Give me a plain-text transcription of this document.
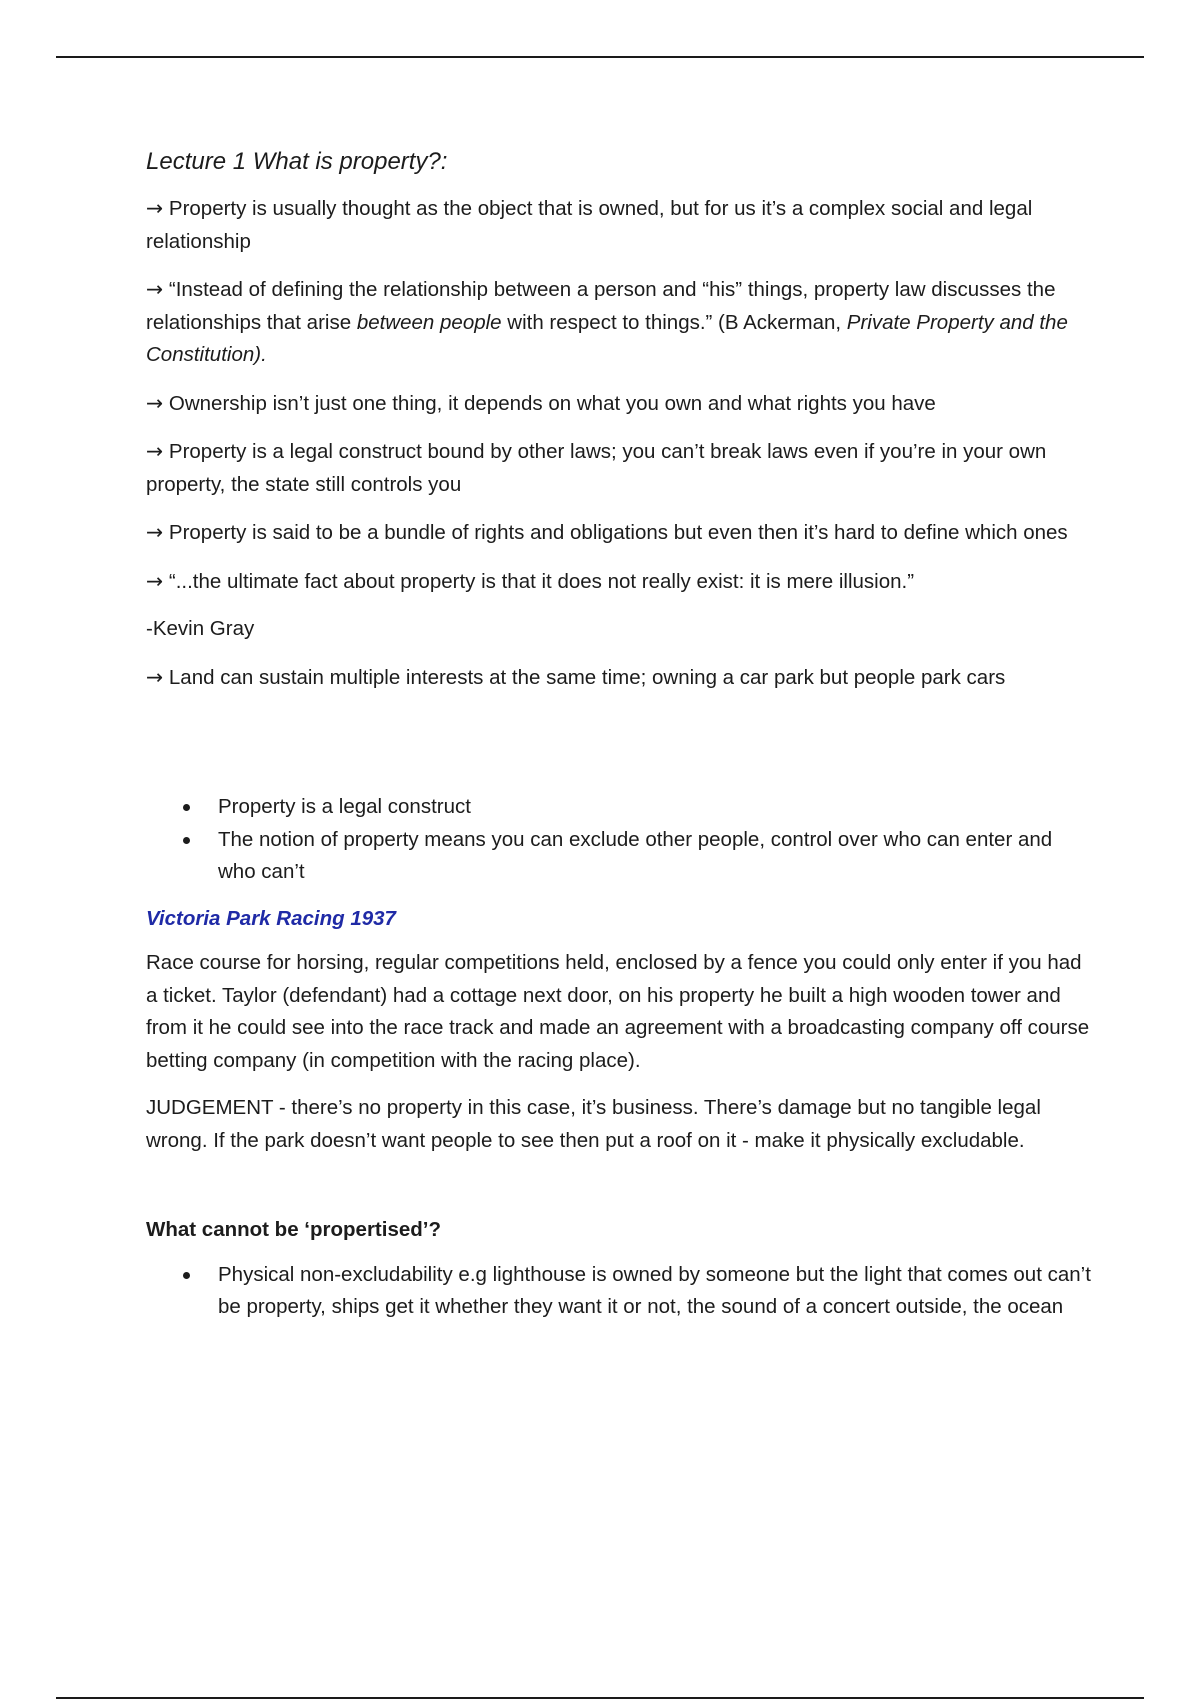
Lecture 1 What is property?:

→ Property is usually thought as the object that is owned, but for us it’s a complex social and legal relationship

→ “Instead of defining the relationship between a person and “his” things, property law discusses the relationships that arise between people with respect to things.” (B Ackerman, Private Property and the Constitution).

→ Ownership isn’t just one thing, it depends on what you own and what rights you have

→ Property is a legal construct bound by other laws; you can’t break laws even if you’re in your own property, the state still controls you

→ Property is said to be a bundle of rights and obligations but even then it’s hard to define which ones

→ “...the ultimate fact about property is that it does not really exist: it is mere illusion.”

-Kevin Gray

→ Land can sustain multiple interests at the same time; owning a car park but people park cars

Property is a legal construct
The notion of property means you can exclude other people, control over who can enter and who can’t

Victoria Park Racing 1937

Race course for horsing, regular competitions held, enclosed by a fence you could only enter if you had a ticket. Taylor (defendant) had a cottage next door, on his property he built a high wooden tower and from it he could see into the race track and made an agreement with a broadcasting company off course betting company (in competition with the racing place).

JUDGEMENT - there’s no property in this case, it’s business. There’s damage but no tangible legal wrong. If the park doesn’t want people to see then put a roof on it - make it physically excludable.

What cannot be ‘propertised’?

Physical non-excludability e.g lighthouse is owned by someone but the light that comes out can’t be property, ships get it whether they want it or not, the sound of a concert outside, the ocean
